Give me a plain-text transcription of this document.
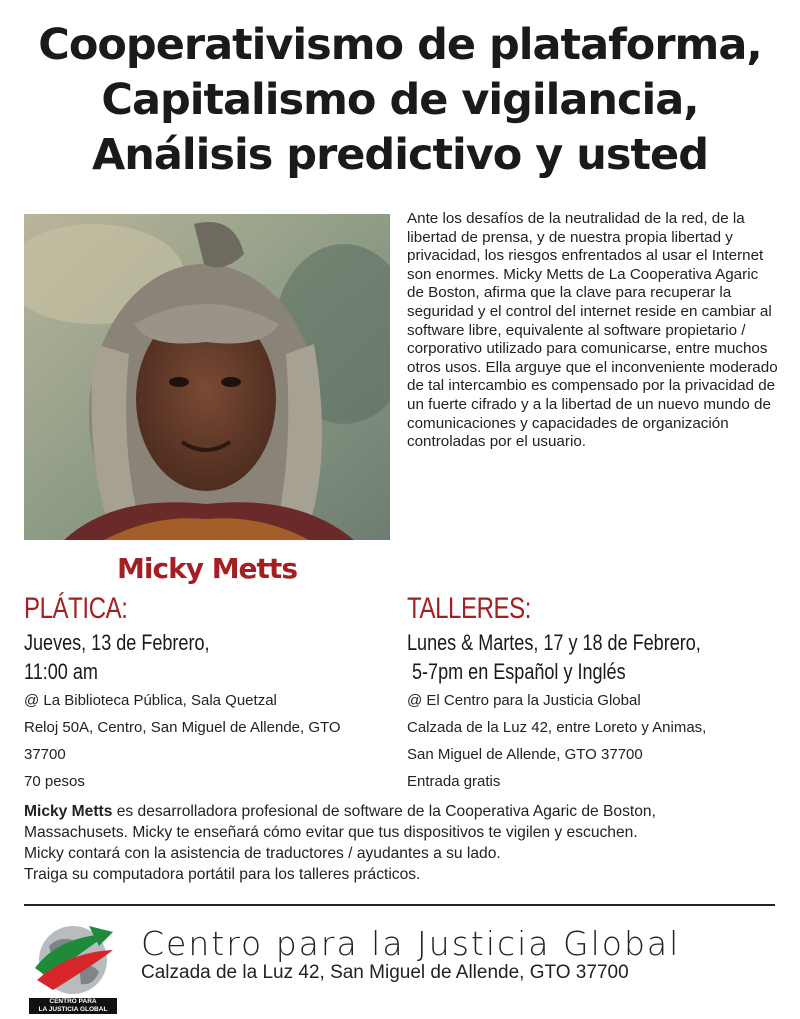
Cooperativismo de plataforma,
Capitalismo de vigilancia,
Análisis predictivo y usted
Micky Metts

Ante los desafíos de la neutralidad de la red, de la libertad de prensa, y de nuestra propia libertad y privacidad, los riesgos enfrentados al usar el Internet son enormes. Micky Metts de La Cooperativa Agaric de Boston, afirma que la clave para recuperar la seguridad y el control del internet reside en cambiar al software libre, equivalente al software propietario / corporativo utilizado para comunicarse, entre muchos otros usos. Ella arguye que el inconveniente moderado de tal intercambio es compensado por la privacidad de un fuerte cifrado y a la libertad de un nuevo mundo de comunicaciones y capacidades de organización controladas por el usuario.

PLÁTICA:
Jueves, 13 de Febrero,
11:00 am
@ La Biblioteca Pública, Sala Quetzal
Reloj 50A, Centro, San Miguel de Allende, GTO
37700
70 pesos
TALLERES:
Lunes & Martes, 17 y 18 de Febrero,
5-7pm en Español y Inglés
@ El Centro para la Justicia Global
Calzada de la Luz 42, entre Loreto y Animas,
San Miguel de Allende, GTO 37700
Entrada gratis
Micky Metts es desarrolladora profesional de software de la Cooperativa Agaric de Boston,
Massachusets. Micky te enseñará cómo evitar que tus dispositivos te vigilen y escuchen.
Micky contará con la asistencia de traductores / ayudantes a su lado.
Traiga su computadora portátil para los talleres prácticos.
CENTRO PARA
LA JUSTICIA GLOBAL
Centro para la Justicia Global
Calzada de la Luz 42, San Miguel de Allende, GTO 37700
